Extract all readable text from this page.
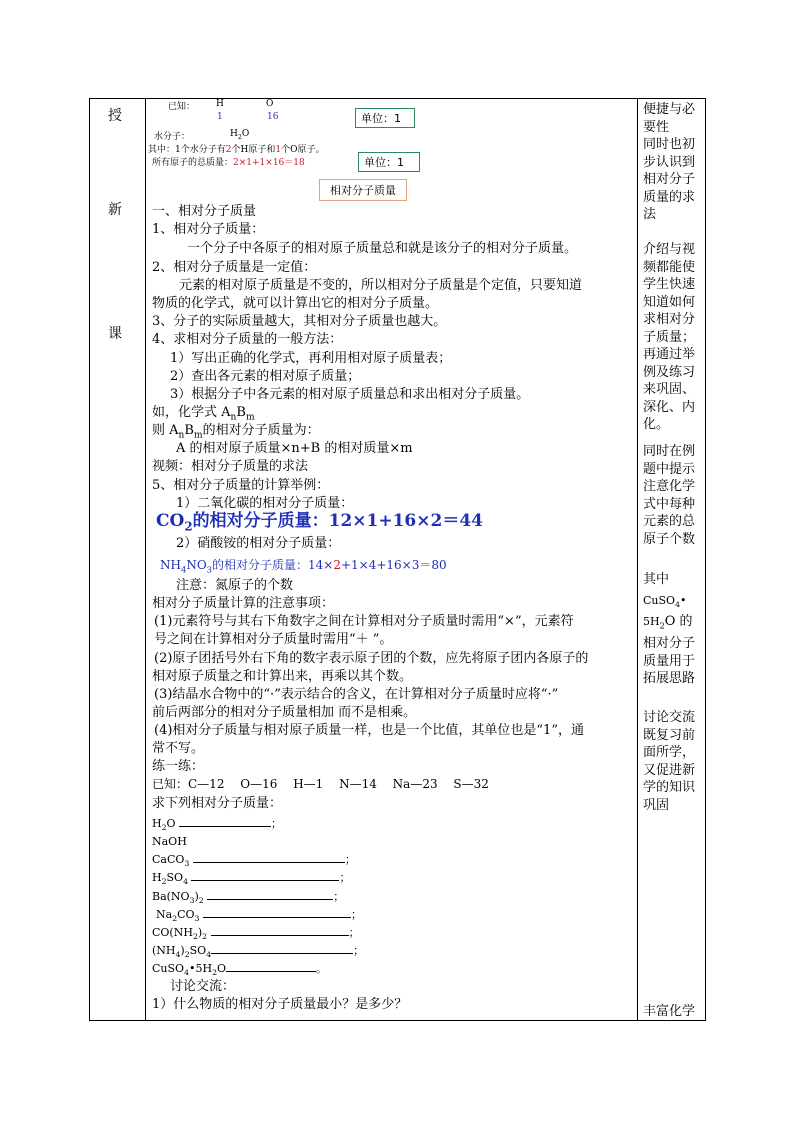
授
新
课
已知： H	O
1	16	单位：1
水分子：	$H_2O$
其中：1个水分子有2个H原子和1个O原子。
所有原子的总质量：2×1+1×16＝18	单位：1
相对分子质量
一、相对分子质量
1、相对分子质量：
一个分子中各原子的相对原子质量总和就是该分子的相对分子质量。
2、相对分子质量是一定值：
元素的相对原子质量是不变的，所以相对分子质量是个定值，只要知道
物质的化学式，就可以计算出它的相对分子质量。
3、分子的实际质量越大，其相对分子质量也越大。
4、求相对分子质量的一般方法：
1）写出正确的化学式，再利用相对原子质量表；
2）查出各元素的相对原子质量；
3）根据分子中各元素的相对原子质量总和求出相对分子质量。
如，化学式 $A_nB_m$
则 $A_nB_m$的相对分子质量为：
A 的相对原子质量×n+B 的相对质量×m
视频：相对分子质量的求法
5、相对分子质量的计算举例：
1）二氧化碳的相对分子质量：
$CO_2$的相对分子质量：12×1+16×2＝44
2）硝酸铵的相对分子质量：
$NH_4NO_3$的相对分子质量：14×2+1×4+16×3＝80
注意：氮原子的个数
相对分子质量计算的注意事项：
(1)元素符号与其右下角数字之间在计算相对分子质量时需用“×”，元素符
号之间在计算相对分子质量时需用“＋ ”。
(2)原子团括号外右下角的数字表示原子团的个数，应先将原子团内各原子的
相对原子质量之和计算出来，再乘以其个数。
(3)结晶水合物中的“·”表示结合的含义，在计算相对分子质量时应将“·”
前后两部分的相对分子质量相加 而不是相乘。
(4)相对分子质量与相对原子质量一样，也是一个比值，其单位也是“1”，通
常不写。
练一练：
已知：C—12　 O—16　 H—1　 N—14　 Na—23　 S—32
求下列相对分子质量：
$H_2O$	；
NaOH
CaCO$_3$	；
$H_2SO_4$	；
$Ba(NO_3)_2$	；
$Na_2CO_3$	；
$CO(NH_2)_2$	；
$(NH_4)_2SO_4$	；
$CuSO_4•5H_2O$	。
讨论交流：
1）什么物质的相对分子质量最小？是多少？
便捷与必要性
同时也初步认识到相对分子质量的求法
介绍与视频都能使学生快速知道如何求相对分子质量；
再通过举例及练习来巩固、深化、内化。
同时在例题中提示注意化学式中每种元素的总原子个数
其中
CuSO$_4$•
$5H_2O$ 的相对分子质量用于拓展思路
讨论交流既复习前面所学，又促进新学的知识巩固
丰富化学
